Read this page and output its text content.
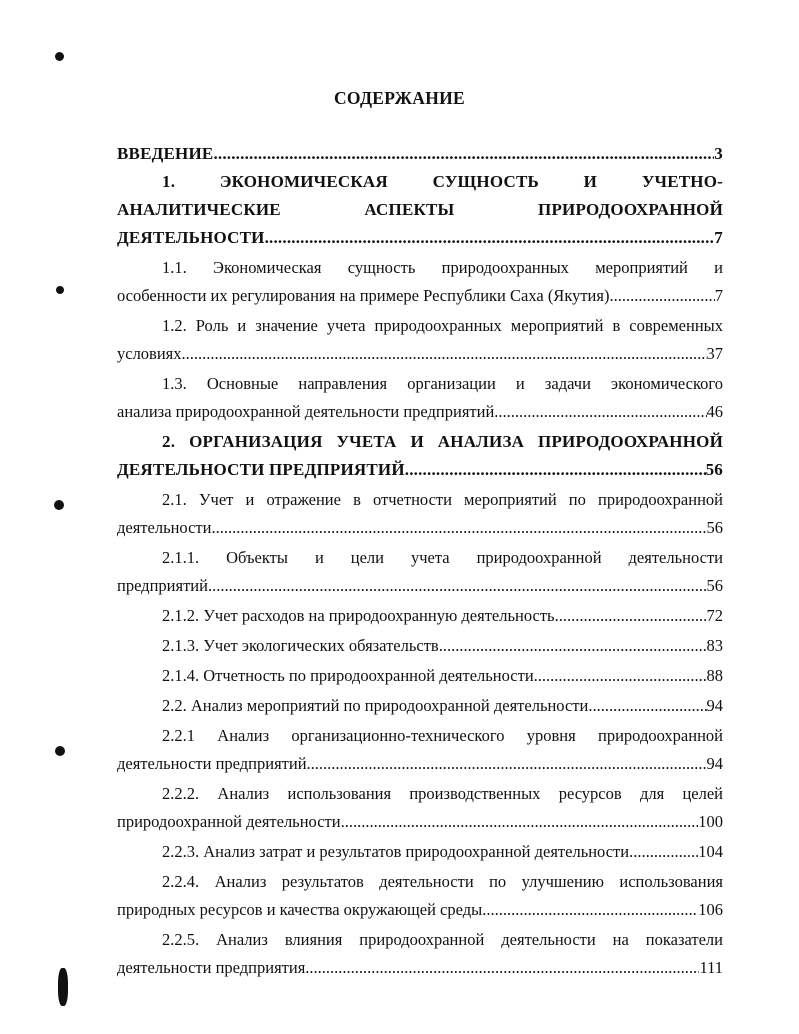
СОДЕРЖАНИЕ
ВВЕДЕНИЕ .....	3
1. ЭКОНОМИЧЕСКАЯ СУЩНОСТЬ И УЧЕТНО- АНАЛИТИЧЕСКИЕ АСПЕКТЫ ПРИРОДООХРАННОЙ
ДЕЯТЕЛЬНОСТИ .....	7
1.1. Экономическая сущность природоохранных мероприятий и
особенности их регулирования на примере Республики Саха (Якутия) .....	7
1.2. Роль и значение учета природоохранных мероприятий в современных
условиях .....	37
1.3. Основные направления организации и задачи экономического
анализа природоохранной деятельности предприятий .....	46
2. ОРГАНИЗАЦИЯ УЧЕТА И АНАЛИЗА ПРИРОДООХРАННОЙ
ДЕЯТЕЛЬНОСТИ ПРЕДПРИЯТИЙ .....	56
2.1. Учет и отражение в отчетности мероприятий по природоохранной
деятельности .....	56
2.1.1. Объекты и цели учета природоохранной деятельности
предприятий .....	56
2.1.2. Учет расходов на природоохранную деятельность .....	72
2.1.3. Учет экологических обязательств .....	83
2.1.4. Отчетность по природоохранной деятельности .....	88
2.2. Анализ мероприятий по природоохранной деятельности .....	94
2.2.1 Анализ организационно-технического уровня природоохранной
деятельности предприятий .....	94
2.2.2. Анализ использования производственных ресурсов для целей
природоохранной деятельности .....	100
2.2.3. Анализ затрат и результатов природоохранной деятельности .....	104
2.2.4. Анализ результатов деятельности по улучшению использования
природных ресурсов и качества окружающей среды .....	106
2.2.5. Анализ влияния природоохранной деятельности на показатели
деятельности предприятия .....	111
